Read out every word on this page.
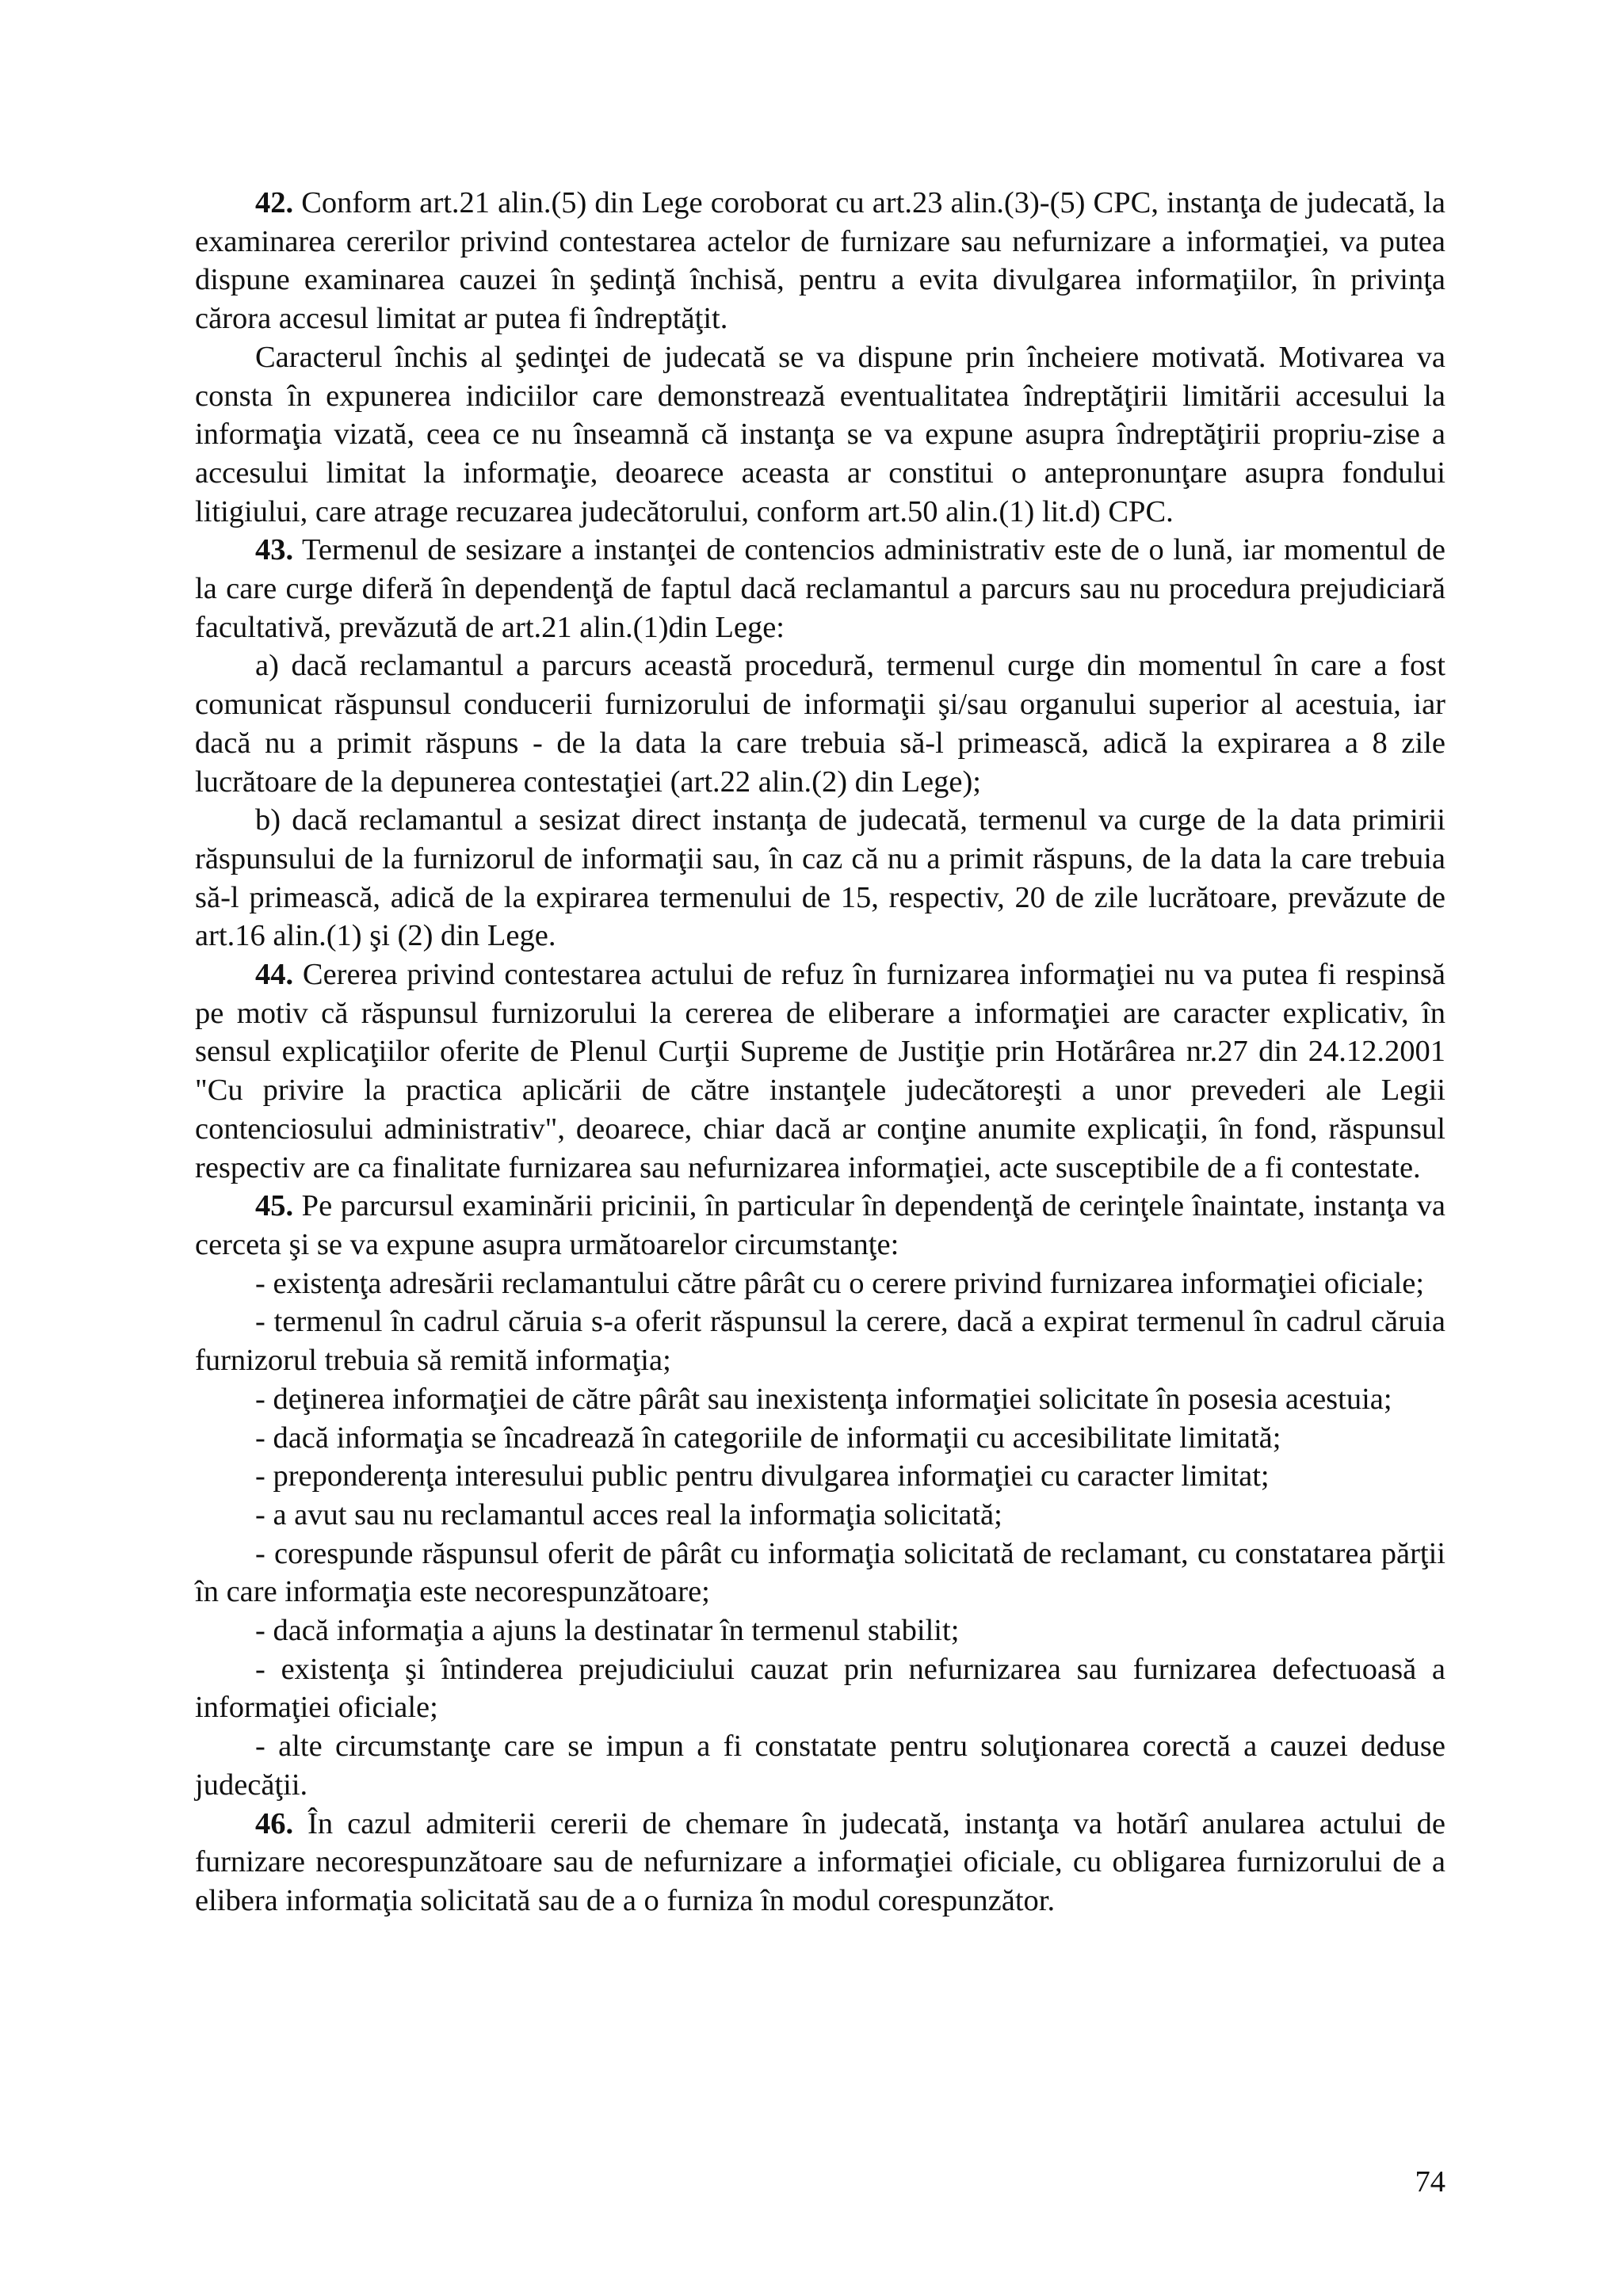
42. Conform art.21 alin.(5) din Lege coroborat cu art.23 alin.(3)-(5) CPC, instanţa de judecată, la examinarea cererilor privind contestarea actelor de furnizare sau nefurnizare a informaţiei, va putea dispune examinarea cauzei în şedinţă închisă, pentru a evita divulgarea informaţiilor, în privinţa cărora accesul limitat ar putea fi îndreptăţit.

Caracterul închis al şedinţei de judecată se va dispune prin încheiere motivată. Motivarea va consta în expunerea indiciilor care demonstrează eventualitatea îndreptăţirii limitării accesului la informaţia vizată, ceea ce nu înseamnă că instanţa se va expune asupra îndreptăţirii propriu-zise a accesului limitat la informaţie, deoarece aceasta ar constitui o antepronunţare asupra fondului litigiului, care atrage recuzarea judecătorului, conform art.50 alin.(1) lit.d) CPC.

43. Termenul de sesizare a instanţei de contencios administrativ este de o lună, iar momentul de la care curge diferă în dependenţă de faptul dacă reclamantul a parcurs sau nu procedura prejudiciară facultativă, prevăzută de art.21 alin.(1)din Lege:

a) dacă reclamantul a parcurs această procedură, termenul curge din momentul în care a fost comunicat răspunsul conducerii furnizorului de informaţii şi/sau organului superior al acestuia, iar dacă nu a primit răspuns - de la data la care trebuia să-l primească, adică la expirarea a 8 zile lucrătoare de la depunerea contestaţiei (art.22 alin.(2) din Lege);

b) dacă reclamantul a sesizat direct instanţa de judecată, termenul va curge de la data primirii răspunsului de la furnizorul de informaţii sau, în caz că nu a primit răspuns, de la data la care trebuia să-l primească, adică de la expirarea termenului de 15, respectiv, 20 de zile lucrătoare, prevăzute de art.16 alin.(1) şi (2) din Lege.

44. Cererea privind contestarea actului de refuz în furnizarea informaţiei nu va putea fi respinsă pe motiv că răspunsul furnizorului la cererea de eliberare a informaţiei are caracter explicativ, în sensul explicaţiilor oferite de Plenul Curţii Supreme de Justiţie prin Hotărârea nr.27 din 24.12.2001 "Cu privire la practica aplicării de către instanţele judecătoreşti a unor prevederi ale Legii contenciosului administrativ", deoarece, chiar dacă ar conţine anumite explicaţii, în fond, răspunsul respectiv are ca finalitate furnizarea sau nefurnizarea informaţiei, acte susceptibile de a fi contestate.

45. Pe parcursul examinării pricinii, în particular în dependenţă de cerinţele înaintate, instanţa va cerceta şi se va expune asupra următoarelor circumstanţe:

- existenţa adresării reclamantului către pârât cu o cerere privind furnizarea informaţiei oficiale;

- termenul în cadrul căruia s-a oferit răspunsul la cerere, dacă a expirat termenul în cadrul căruia furnizorul trebuia să remită informaţia;

- deţinerea informaţiei de către pârât sau inexistenţa informaţiei solicitate în posesia acestuia;

- dacă informaţia se încadrează în categoriile de informaţii cu accesibilitate limitată;

- preponderenţa interesului public pentru divulgarea informaţiei cu caracter limitat;

- a avut sau nu reclamantul acces real la informaţia solicitată;

- corespunde răspunsul oferit de pârât cu informaţia solicitată de reclamant, cu constatarea părţii în care informaţia este necorespunzătoare;

- dacă informaţia a ajuns la destinatar în termenul stabilit;

- existenţa şi întinderea prejudiciului cauzat prin nefurnizarea sau furnizarea defectuoasă a informaţiei oficiale;

- alte circumstanţe care se impun a fi constatate pentru soluţionarea corectă a cauzei deduse judecăţii.

46. În cazul admiterii cererii de chemare în judecată, instanţa va hotărî anularea actului de furnizare necorespunzătoare sau de nefurnizare a informaţiei oficiale, cu obligarea furnizorului de a elibera informaţia solicitată sau de a o furniza în modul corespunzător.

74
